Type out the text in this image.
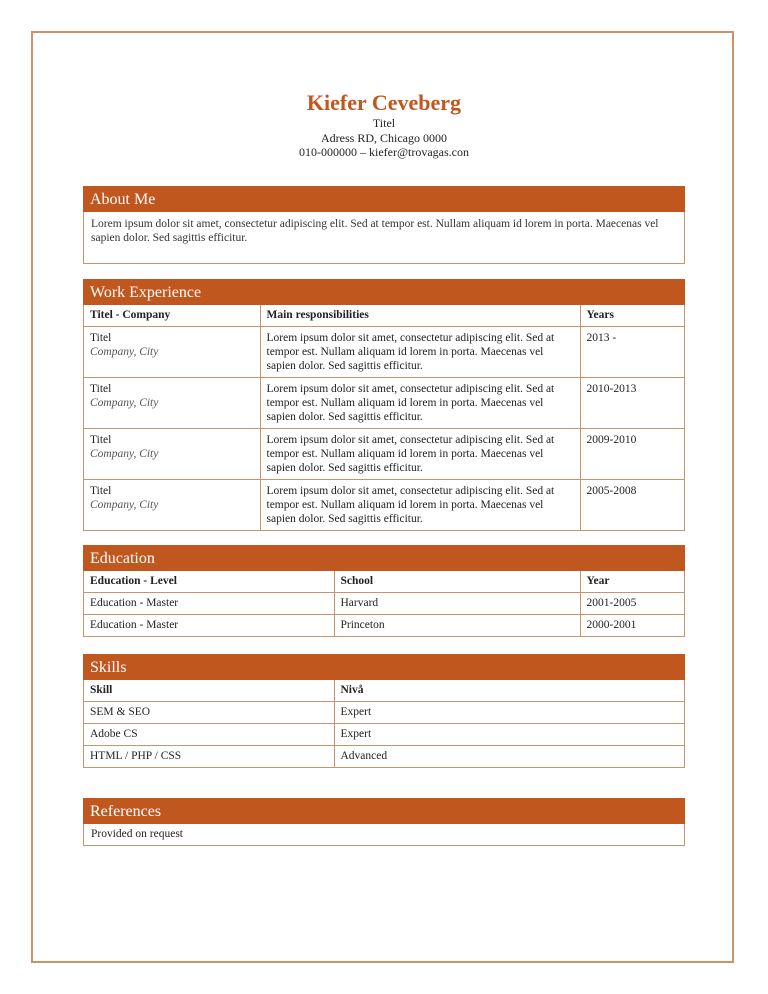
Kiefer Ceveberg
Titel
Adress RD, Chicago 0000
010-000000 – kiefer@trovagas.con
About Me
Lorem ipsum dolor sit amet, consectetur adipiscing elit. Sed at tempor est. Nullam aliquam id lorem in porta. Maecenas vel sapien dolor. Sed sagittis efficitur.
Work Experience
Titel - Company	Main responsibilities	Years
Titel
Company, City	Lorem ipsum dolor sit amet, consectetur adipiscing elit. Sed at tempor est. Nullam aliquam id lorem in porta. Maecenas vel sapien dolor. Sed sagittis efficitur.	2013 -
Titel
Company, City	Lorem ipsum dolor sit amet, consectetur adipiscing elit. Sed at tempor est. Nullam aliquam id lorem in porta. Maecenas vel sapien dolor. Sed sagittis efficitur.	2010-2013
Titel
Company, City	Lorem ipsum dolor sit amet, consectetur adipiscing elit. Sed at tempor est. Nullam aliquam id lorem in porta. Maecenas vel sapien dolor. Sed sagittis efficitur.	2009-2010
Titel
Company, City	Lorem ipsum dolor sit amet, consectetur adipiscing elit. Sed at tempor est. Nullam aliquam id lorem in porta. Maecenas vel sapien dolor. Sed sagittis efficitur.	2005-2008
Education
Education - Level	School	Year
Education - Master	Harvard	2001-2005
Education - Master	Princeton	2000-2001
Skills
Skill	Nivå
SEM & SEO	Expert
Adobe CS	Expert
HTML / PHP / CSS	Advanced
References
Provided on request
